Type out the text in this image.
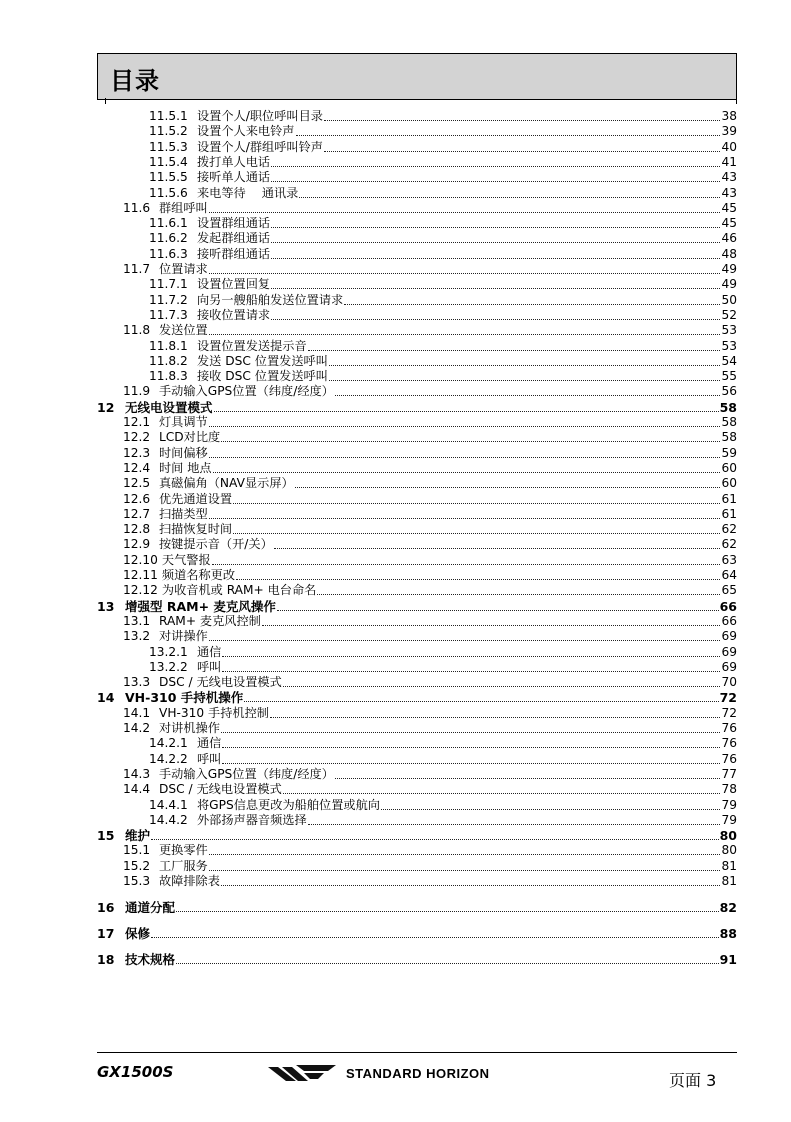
目录
11.5.1 设置个人/职位呼叫目录	38
11.5.2 设置个人来电铃声	39
11.5.3 设置个人/群组呼叫铃声	40
11.5.4 拨打单人电话	41
11.5.5 接听单人通话	43
11.5.6 来电等待　 通讯录	43
11.6 群组呼叫	45
11.6.1 设置群组通话	45
11.6.2 发起群组通话	46
11.6.3 接听群组通话	48
11.7 位置请求	49
11.7.1 设置位置回复	49
11.7.2 向另一艘船舶发送位置请求	50
11.7.3 接收位置请求	52
11.8 发送位置	53
11.8.1 设置位置发送提示音	53
11.8.2 发送 DSC 位置发送呼叫	54
11.8.3 接收 DSC 位置发送呼叫	55
11.9 手动输入GPS位置（纬度/经度）	56
12 无线电设置模式	58
12.1 灯具调节	58
12.2 LCD对比度	58
12.3 时间偏移	59
12.4 时间 地点	60
12.5 真磁偏角（NAV显示屏）	60
12.6 优先通道设置	61
12.7 扫描类型	61
12.8 扫描恢复时间	62
12.9 按键提示音（开/关）	62
12.10 天气警报	63
12.11 频道名称更改	64
12.12 为收音机或 RAM+ 电台命名	65
13 增强型 RAM+ 麦克风操作	66
13.1 RAM+ 麦克风控制	66
13.2 对讲操作	69
13.2.1 通信	69
13.2.2 呼叫	69
13.3 DSC / 无线电设置模式	70
14 VH-310 手持机操作	72
14.1 VH-310 手持机控制	72
14.2 对讲机操作	76
14.2.1 通信	76
14.2.2 呼叫	76
14.3 手动输入GPS位置（纬度/经度）	77
14.4 DSC / 无线电设置模式	78
14.4.1 将GPS信息更改为船舶位置或航向	79
14.4.2 外部扬声器音频选择	79
15 维护	80
15.1 更换零件	80
15.2 工厂服务	81
15.3 故障排除表	81
16 通道分配	82
17 保修	88
18 技术规格	91
GX1500S	STANDARD HORIZON	页面 3
